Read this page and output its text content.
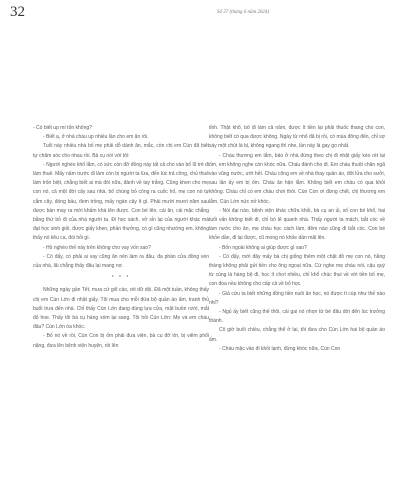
32	Số 37 (tháng 6 năm 2024)

- Có biết up mí tốn không?

- Biết ạ, ở nhà cháu up nhiều lần cho em ăn rồi.

Tuổi này nhiều nhà bố mẹ phải dỗ dành ăn, mắc, còn chị em Cún đã biết tự chăm sóc cho nhau rồi. Bà cụ nói với tôi:

- Người nghèo khổ lắm, có sức còn đỡ đồng này tất cả cho vào bố lũ trẻ đi làm thuê. Mấy năm trước đi làm còn bị người ta lừa, đến lúc trả công, chủ thuê làm trốn biệt, chẳng biết ai mà đòi nữa, đành về tay trắng. Cũng khen cho mẹ con nó, cả một đời cây sau nhà, bố chúng bỏ công ra cuốc hố, mẹ con nó tự cắm cây, đóng bầu, đem trồng, mấy ngàn cây ít gì. Phải mười mươi năm sau được bán may ra mới khấm khá lên được. Con bé lên, cái ăn, cái mặc chẳng bằng thứ bỏ đi của nhà người ta. Đi học sách, vở sỉn lại của người khác mà đạt học sinh giỏi, được giấy khen, phần thưởng, có gì cũng nhường em, không thấy nó kêu ca, đòi hỏi gì.

- Hồ nghèo thế này trên không cho vay vốn sao?

- Có đấy, có phải ai vay cũng ăn nên làm ra đâu, đa phần cửa đồng vén của nhà, lãi chẳng thấy đâu lại mang nợ.

* * *

Những ngày gần Tết, mưa cứ giổ cào, rét dữ dội. Đã một tuần, không thấy chị em Cún Lớn đi nhặt giấy. Tôi mua cho mỗi đứa bộ quần áo ấm, tranh thủ buổi trưa đến nhà. Chỉ thấy Cún Lớn đang dùng lựa cửa, mặt buồn rười, mắt đỏ hoe. Thấy tôi bà cụ hàng xóm lại sang. Tôi hỏi Cún Lớn: Mẹ và em cháu đâu? Cún Lớn òa khóc.

- Bố nó về rồi, Cún Con bị ốm phải đưa viện, bà cụ đỡ lời, bị viêm phổi nặng, đưa lên bệnh viện huyện, rồi lên

tỉnh. Thật khổ, bố đi làm cả năm, được ít tiền lại phải thuốc thang cho con, không biết có qua được không. Ngày từ nhỏ đã bị rồi, có mùa đông đến, chỉ sợ sáy một chút là bị, không ngang thì nhe, lần này là gay go nhất.

- Cháu thương em lắm, bảo ở nhà đứng theo chị đi nhặt giấy kéo rét lại ốm, em không nghe còn khóc nữa. Cháu đánh cho đi. Em cháu thuột chân ngã vào vũng nước, ướt hết. Cháu cõng em về nhà thay quần áo, đốt lửa cho sưởi, sau lần ấy em bị ốm. Cháu ân hận lắm. Không biết em cháu có qua khỏi không. Cháu chỉ có em cháu chơi thôi. Cún Con ơi đừng chết, chị thương em lắm. Cún Lớn nức nở khóc.

- Nói đại nào, bệnh viện khác chữa khỏi, bà cụ an ủi, số con bé khổ, hai tuổi vấn không biết đi, chỉ bò lê quanh nhà. Thấy người ta mách, bắt cóc về làm nước cho ăn, mẹ cháu học cách làm, đêm nào cũng đi bắt cóc. Con bé khỏe dần, đi lại được, cũ mong nó khỏe dần mãi lên.

- Bốn ngoài không ai giúp được gì sao?

- Có đấy, mới đây mấy bà chị giống thêm một chật đồ mẹ con nó, hằng tháng không phải gửi tiền cho ông ngoại nữa. Cứ nghe mẹ cháu nói, cậu quý từ cùng là hàng bộ đi, học ít chơi nhiều, chỉ khổ chúc thui về với tiền bố mẹ, con đoa nều không cho cấp cả về bỏ học.

- Giả cứu ta biết những đồng tiền nuôi ăn học, nó được tí cúp như thế nào nhỉ?

- Ngủ ấy biết cũng thế thôi, cái gai nó nhọn từ bé đâu dời đến lúc trưởng thành.

Cô giờ buổi chiều, chẳng thể ở lại, tôi đưa cho Cún Lớn hai bộ quần áo ấm.

- Cháu mặc vào đi khỏi lạnh, đừng khóc nữa, Cún Con
